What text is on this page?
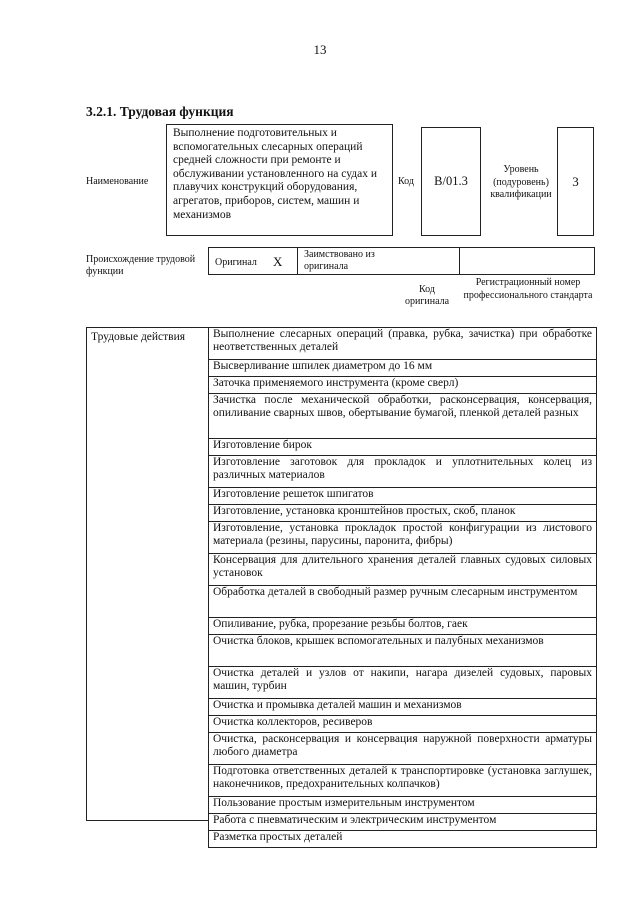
13
3.2.1. Трудовая функция
Наименование
Выполнение подготовительных и вспомогательных слесарных операций средней сложности при ремонте и обслуживании установленного на судах и плавучих конструкций оборудования, агрегатов, приборов, систем, машин и механизмов
Код	B/01.3
Уровень (подуровень) квалификации
3
Происхождение трудовой функции
Оригинал X Заимствовано из оригинала
Код оригинала
Регистрационный номер профессионального стандарта
Трудовые действия	Выполнение слесарных операций (правка, рубка, зачистка) при обработке неответственных деталей
Высверливание шпилек диаметром до 16 мм
Заточка применяемого инструмента (кроме сверл)
Зачистка после механической обработки, расконсервация, консервация, опиливание сварных швов, обертывание бумагой, пленкой деталей разных
Изготовление бирок
Изготовление заготовок для прокладок и уплотнительных колец из различных материалов
Изготовление решеток шпигатов
Изготовление, установка кронштейнов простых, скоб, планок
Изготовление, установка прокладок простой конфигурации из листового материала (резины, парусины, паронита, фибры)
Консервация для длительного хранения деталей главных судовых силовых установок
Обработка деталей в свободный размер ручным слесарным инструментом
Опиливание, рубка, прорезание резьбы болтов, гаек
Очистка блоков, крышек вспомогательных и палубных механизмов
Очистка деталей и узлов от накипи, нагара дизелей судовых, паровых машин, турбин
Очистка и промывка деталей машин и механизмов
Очистка коллекторов, ресиверов
Очистка, расконсервация и консервация наружной поверхности арматуры любого диаметра
Подготовка ответственных деталей к транспортировке (установка заглушек, наконечников, предохранительных колпачков)
Пользование простым измерительным инструментом
Работа с пневматическим и электрическим инструментом
Разметка простых деталей
